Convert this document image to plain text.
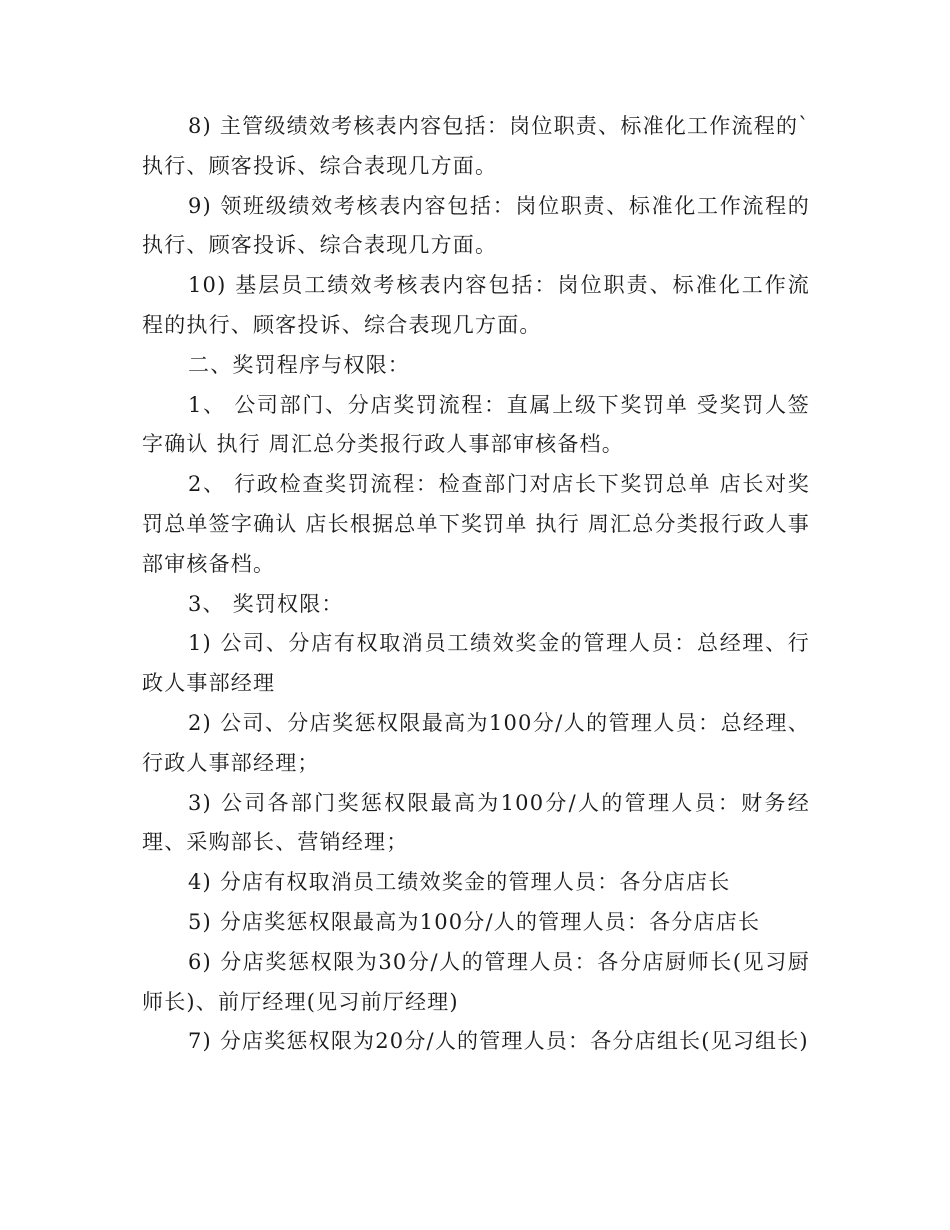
8) 主管级绩效考核表内容包括：岗位职责、标准化工作流程的`执行、顾客投诉、综合表现几方面。

9) 领班级绩效考核表内容包括：岗位职责、标准化工作流程的执行、顾客投诉、综合表现几方面。

10) 基层员工绩效考核表内容包括：岗位职责、标准化工作流程的执行、顾客投诉、综合表现几方面。

二、奖罚程序与权限：

1、 公司部门、分店奖罚流程：直属上级下奖罚单 受奖罚人签字确认 执行 周汇总分类报行政人事部审核备档。

2、 行政检查奖罚流程：检查部门对店长下奖罚总单 店长对奖罚总单签字确认 店长根据总单下奖罚单 执行 周汇总分类报行政人事部审核备档。

3、 奖罚权限：

1) 公司、分店有权取消员工绩效奖金的管理人员：总经理、行政人事部经理

2) 公司、分店奖惩权限最高为100分/人的管理人员：总经理、行政人事部经理；

3) 公司各部门奖惩权限最高为100分/人的管理人员：财务经理、采购部长、营销经理；

4) 分店有权取消员工绩效奖金的管理人员：各分店店长

5) 分店奖惩权限最高为100分/人的管理人员：各分店店长

6) 分店奖惩权限为30分/人的管理人员：各分店厨师长(见习厨师长)、前厅经理(见习前厅经理)

7) 分店奖惩权限为20分/人的管理人员：各分店组长(见习组长)
